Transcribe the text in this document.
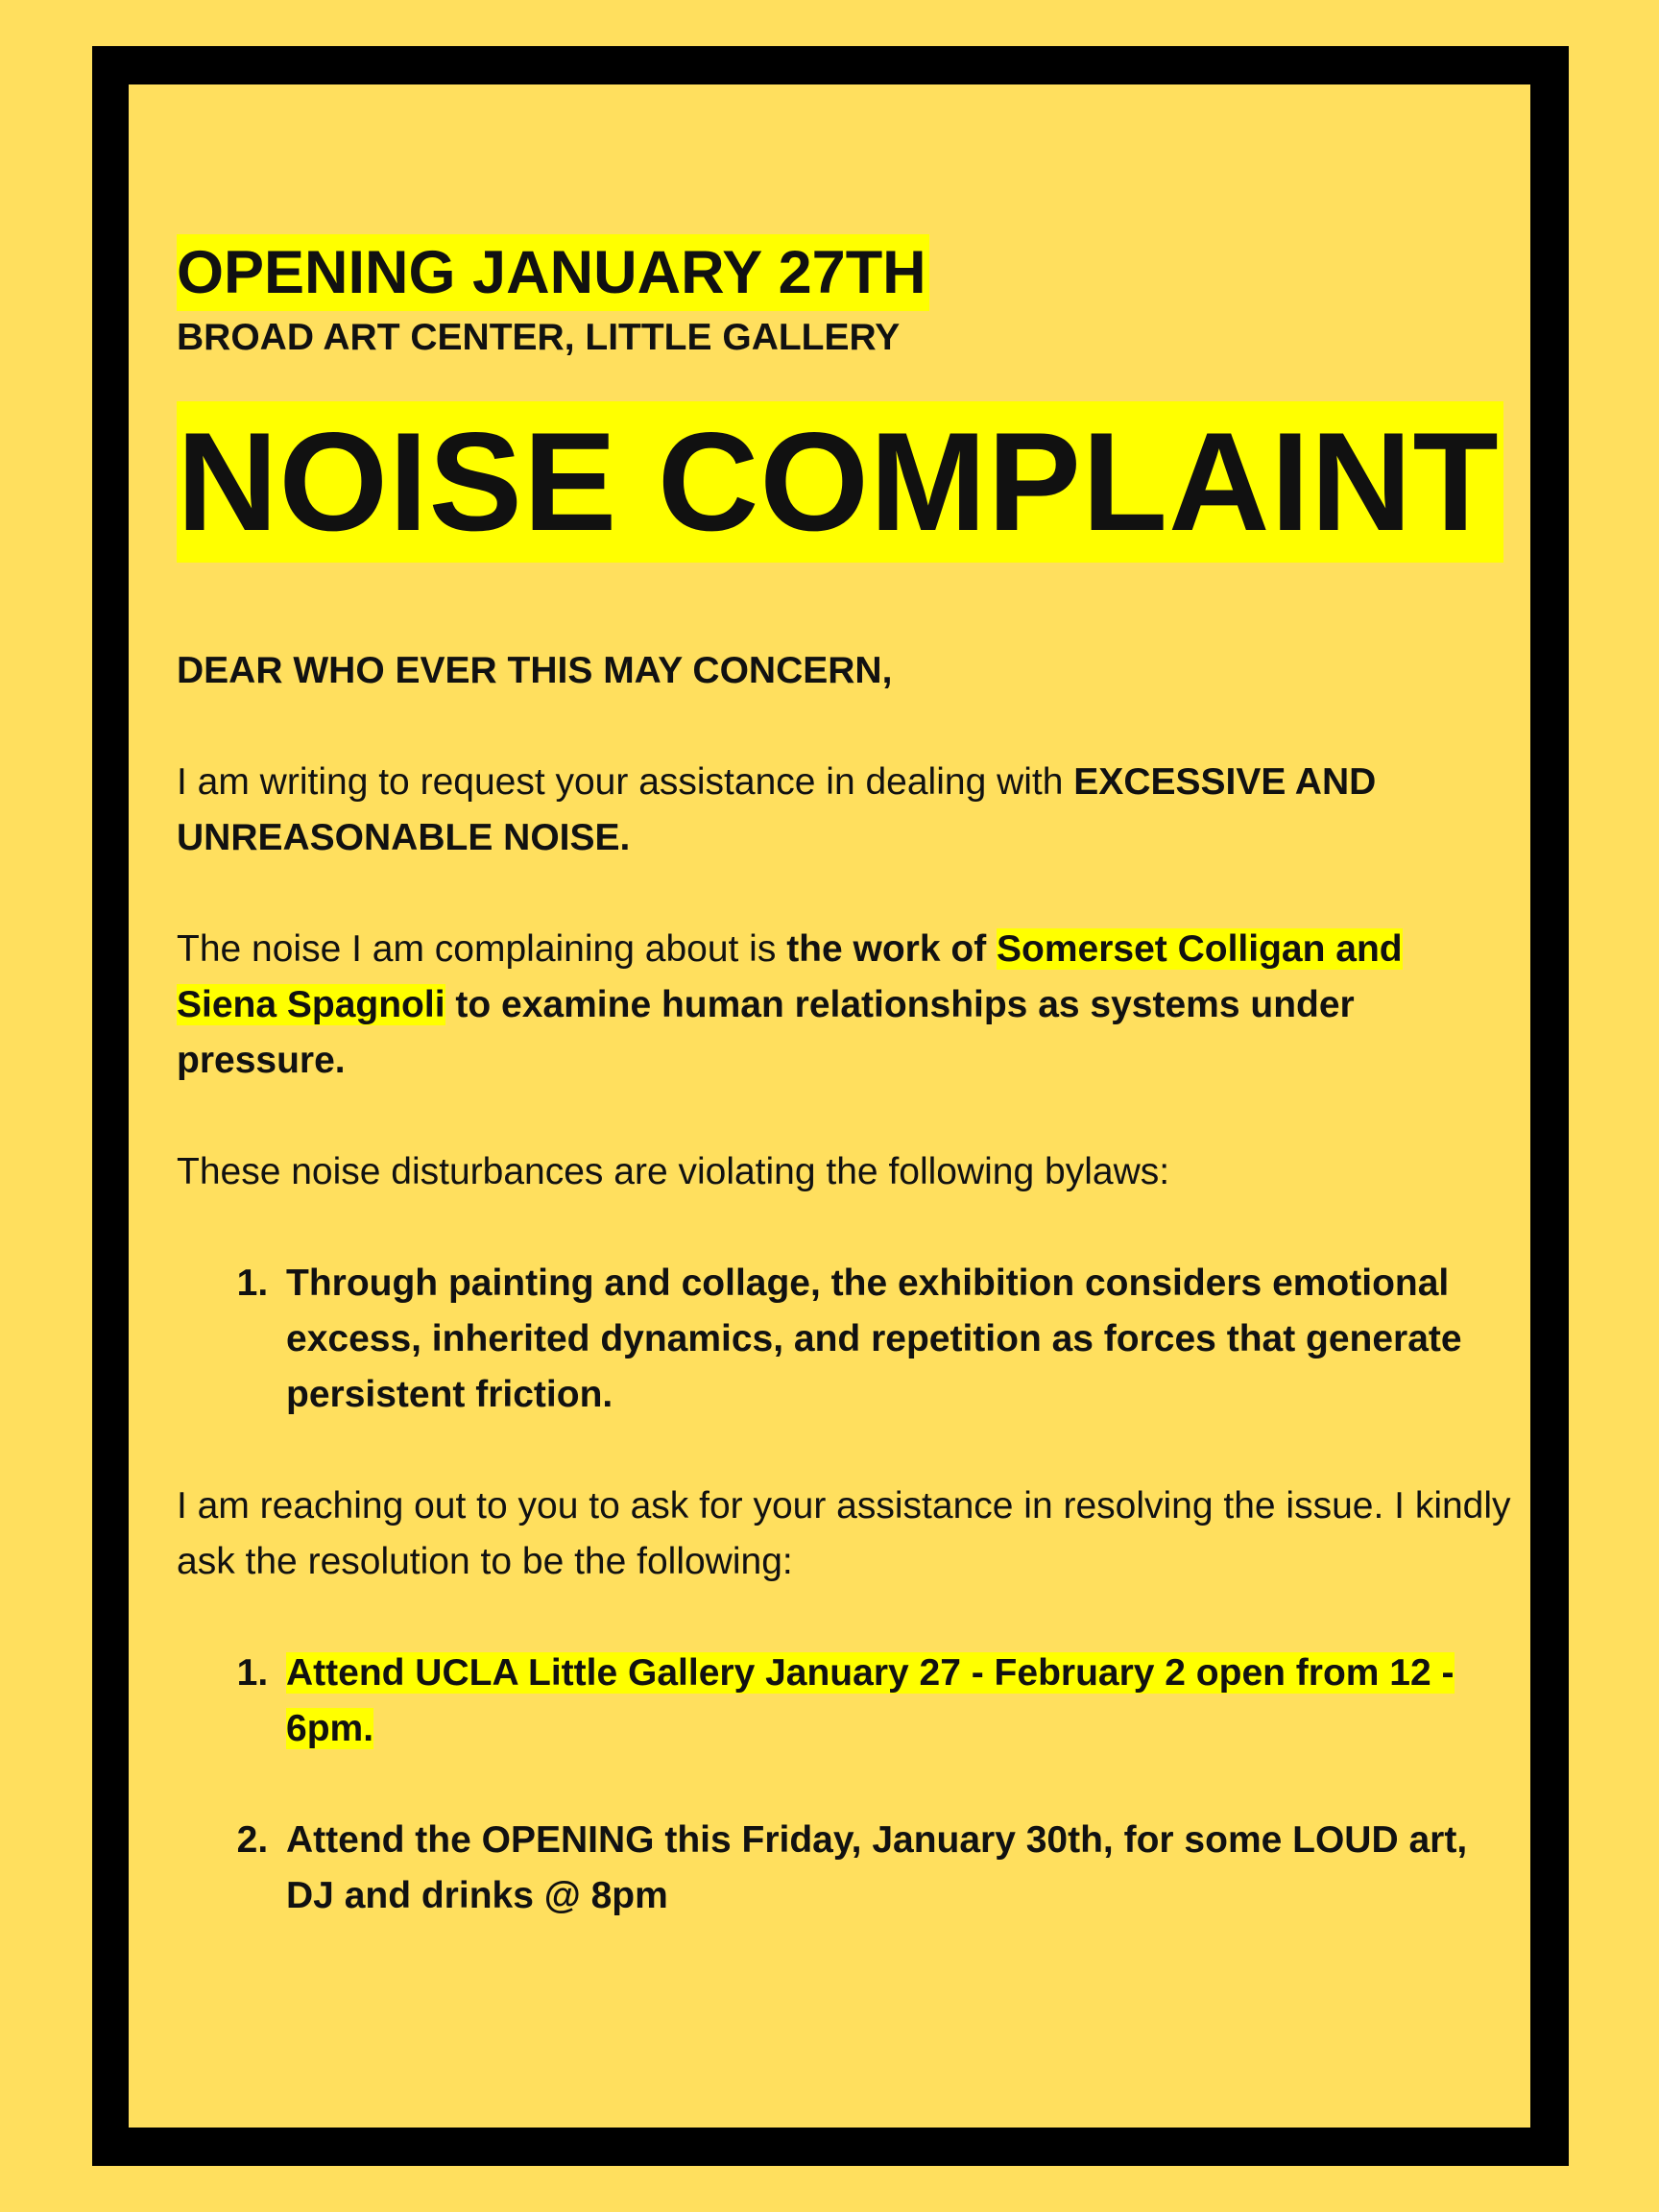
OPENING JANUARY 27TH

BROAD ART CENTER, LITTLE GALLERY

NOISE COMPLAINT

DEAR WHO EVER THIS MAY CONCERN,

I am writing to request your assistance in dealing with EXCESSIVE AND UNREASONABLE NOISE.

The noise I am complaining about is the work of Somerset Colligan and Siena Spagnoli to examine human relationships as systems under pressure.

These noise disturbances are violating the following bylaws:

1. Through painting and collage, the exhibition considers emotional excess, inherited dynamics, and repetition as forces that generate persistent friction.

I am reaching out to you to ask for your assistance in resolving the issue. I kindly ask the resolution to be the following:

1. Attend UCLA Little Gallery January 27 - February 2 open from 12 - 6pm.
2. Attend the OPENING this Friday, January 30th, for some LOUD art, DJ and drinks @ 8pm
